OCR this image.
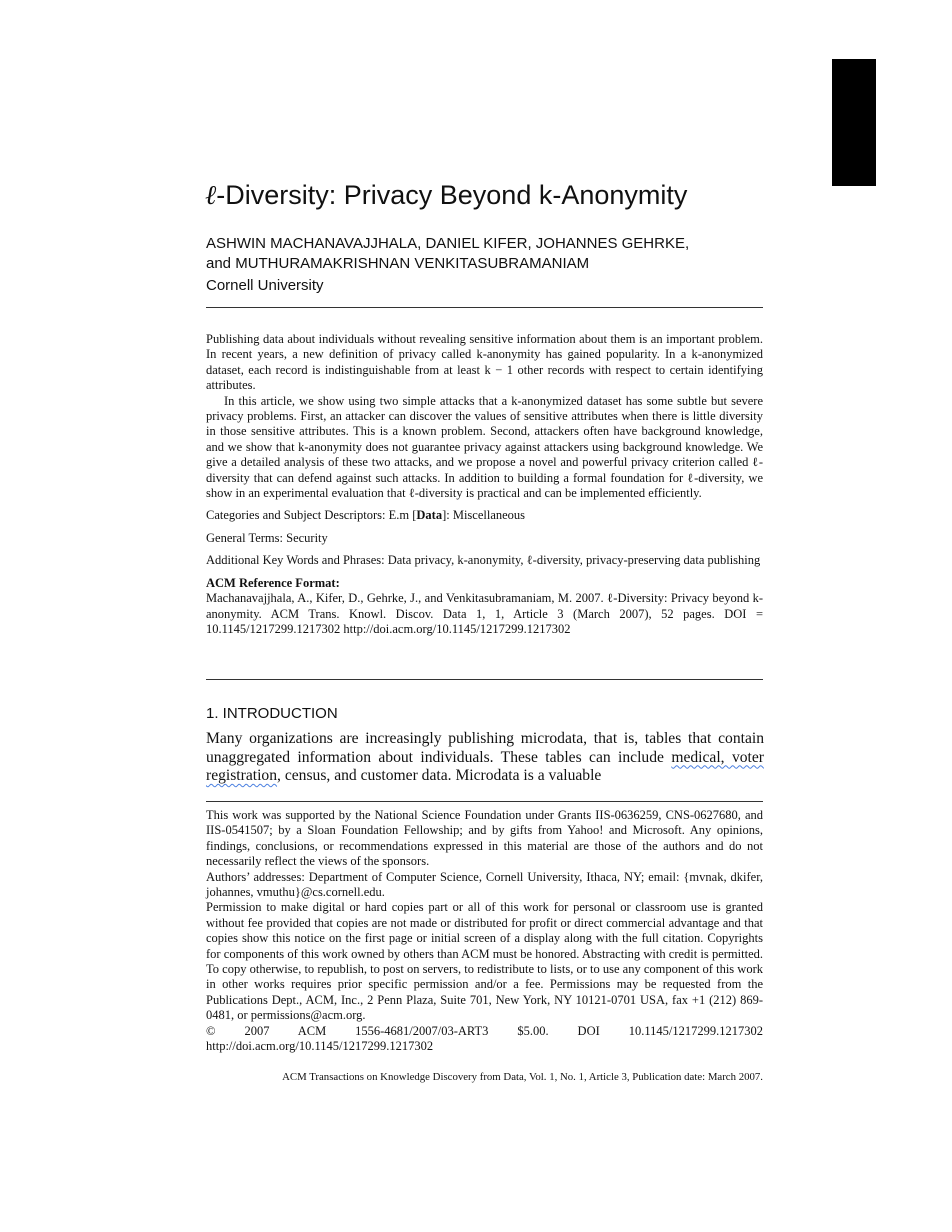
ℓ-Diversity: Privacy Beyond k-Anonymity
ASHWIN MACHANAVAJJHALA, DANIEL KIFER, JOHANNES GEHRKE,
and MUTHURAMAKRISHNAN VENKITASUBRAMANIAM
Cornell University

Publishing data about individuals without revealing sensitive information about them is an important problem. In recent years, a new definition of privacy called k-anonymity has gained popularity. In a k-anonymized dataset, each record is indistinguishable from at least k − 1 other records with respect to certain identifying attributes.

In this article, we show using two simple attacks that a k-anonymized dataset has some subtle but severe privacy problems. First, an attacker can discover the values of sensitive attributes when there is little diversity in those sensitive attributes. This is a known problem. Second, attackers often have background knowledge, and we show that k-anonymity does not guarantee privacy against attackers using background knowledge. We give a detailed analysis of these two attacks, and we propose a novel and powerful privacy criterion called ℓ-diversity that can defend against such attacks. In addition to building a formal foundation for ℓ-diversity, we show in an experimental evaluation that ℓ-diversity is practical and can be implemented efficiently.

Categories and Subject Descriptors: E.m [Data]: Miscellaneous

General Terms: Security

Additional Key Words and Phrases: Data privacy, k-anonymity, ℓ-diversity, privacy-preserving data publishing

ACM Reference Format:

Machanavajjhala, A., Kifer, D., Gehrke, J., and Venkitasubramaniam, M. 2007. ℓ-Diversity: Privacy beyond k-anonymity. ACM Trans. Knowl. Discov. Data 1, 1, Article 3 (March 2007), 52 pages. DOI = 10.1145/1217299.1217302 http://doi.acm.org/10.1145/1217299.1217302

1. INTRODUCTION
Many organizations are increasingly publishing microdata, that is, tables that contain unaggregated information about individuals. These tables can include medical, voter registration, census, and customer data. Microdata is a valuable

This work was supported by the National Science Foundation under Grants IIS-0636259, CNS-0627680, and IIS-0541507; by a Sloan Foundation Fellowship; and by gifts from Yahoo! and Microsoft. Any opinions, findings, conclusions, or recommendations expressed in this material are those of the authors and do not necessarily reflect the views of the sponsors.

Authors’ addresses: Department of Computer Science, Cornell University, Ithaca, NY; email: {mvnak, dkifer, johannes, vmuthu}@cs.cornell.edu.

Permission to make digital or hard copies part or all of this work for personal or classroom use is granted without fee provided that copies are not made or distributed for profit or direct commercial advantage and that copies show this notice on the first page or initial screen of a display along with the full citation. Copyrights for components of this work owned by others than ACM must be honored. Abstracting with credit is permitted. To copy otherwise, to republish, to post on servers, to redistribute to lists, or to use any component of this work in other works requires prior specific permission and/or a fee. Permissions may be requested from the Publications Dept., ACM, Inc., 2 Penn Plaza, Suite 701, New York, NY 10121-0701 USA, fax +1 (212) 869-0481, or permissions@acm.org.

© 2007 ACM 1556-4681/2007/03-ART3 $5.00. DOI 10.1145/1217299.1217302 http://doi.acm.org/10.1145/1217299.1217302

ACM Transactions on Knowledge Discovery from Data, Vol. 1, No. 1, Article 3, Publication date: March 2007.
